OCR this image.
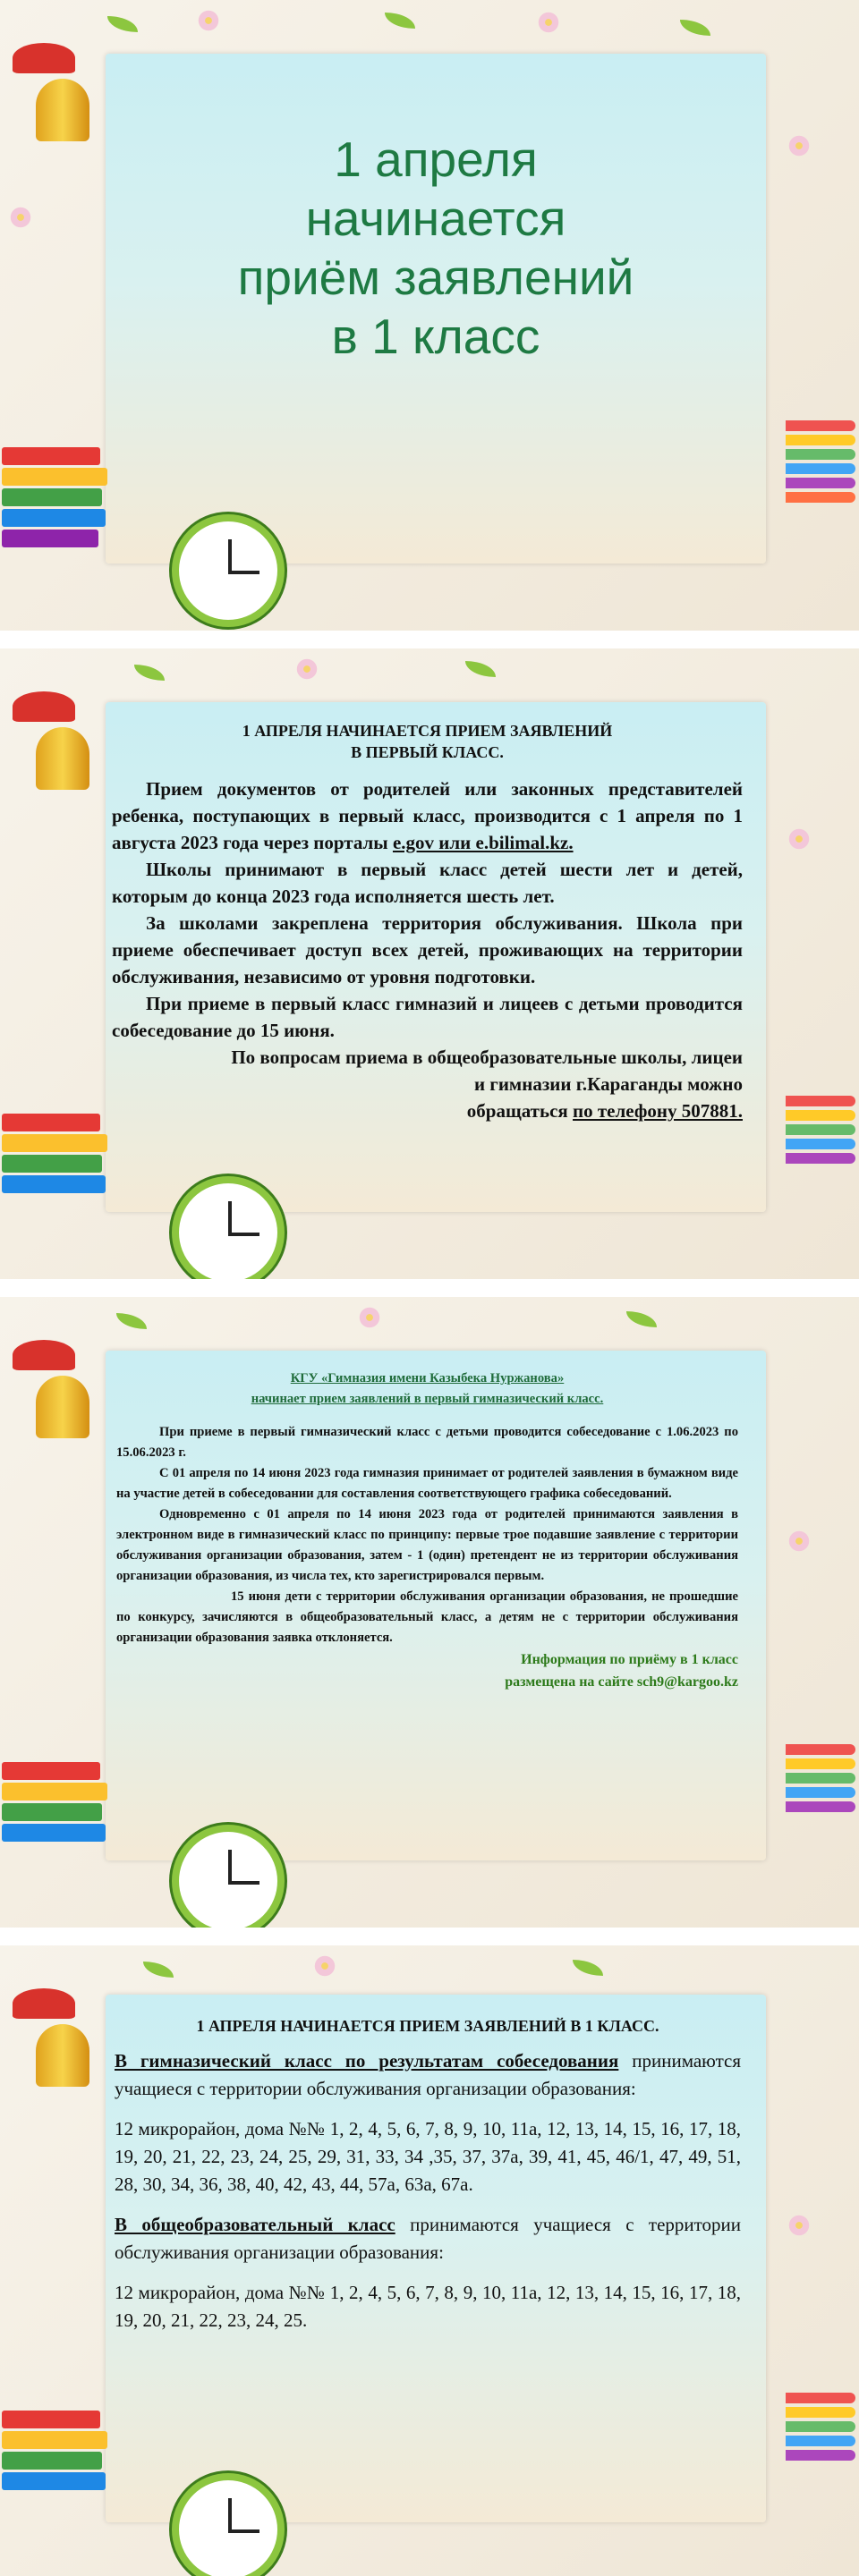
1 апреля
начинается
приём заявлений
в 1 класс
1 АПРЕЛЯ НАЧИНАЕТСЯ ПРИЕМ ЗАЯВЛЕНИЙ
В ПЕРВЫЙ КЛАСС.

Прием документов от родителей или законных представителей ребенка, поступающих в первый класс, производится с 1 апреля по 1 августа 2023 года через порталы e.gov или e.bilimal.kz.

Школы принимают в первый класс детей шести лет и детей, которым до конца 2023 года исполняется шесть лет.

За школами закреплена территория обслуживания. Школа при приеме обеспечивает доступ всех детей, проживающих на территории обслуживания, независимо от уровня подготовки.

При приеме в первый класс гимназий и лицеев с детьми проводится собеседование до 15 июня.

По вопросам приема в общеобразовательные школы, лицеи

и гимназии г.Караганды можно

обращаться по телефону 507881.

КГУ «Гимназия имени Казыбека Нуржанова»
начинает прием заявлений в первый гимназический класс.

При приеме в первый гимназический класс с детьми проводится собеседование с 1.06.2023 по 15.06.2023 г.

С 01 апреля по 14 июня 2023 года гимназия принимает от родителей заявления в бумажном виде на участие детей в собеседовании для составления соответствующего графика собеседований.

Одновременно с 01 апреля по 14 июня 2023 года от родителей принимаются заявления в электронном виде в гимназический класс по принципу: первые трое подавшие заявление с территории обслуживания организации образования, затем - 1 (один) претендент не из территории обслуживания организации образования, из числа тех, кто зарегистрировался первым.

15 июня дети с территории обслуживания организации образования, не прошедшие по конкурсу, зачисляются в общеобразовательный класс, а детям не с территории обслуживания организации образования заявка отклоняется.

Информация по приёму в 1 класс

размещена на сайте sch9@kargoo.kz

1 АПРЕЛЯ НАЧИНАЕТСЯ ПРИЕМ ЗАЯВЛЕНИЙ В 1 КЛАСС.

В гимназический класс по результатам собеседования принимаются учащиеся с территории обслуживания организации образования:

12 микрорайон, дома №№ 1, 2, 4, 5, 6, 7, 8, 9, 10, 11а, 12, 13, 14, 15, 16, 17, 18, 19, 20, 21, 22, 23, 24, 25, 29, 31, 33, 34 ,35, 37, 37а, 39, 41, 45, 46/1, 47, 49, 51, 28, 30, 34, 36, 38, 40, 42, 43, 44, 57а, 63а, 67а.

В общеобразовательный класс принимаются учащиеся с территории обслуживания организации образования:

12 микрорайон, дома №№ 1, 2, 4, 5, 6, 7, 8, 9, 10, 11а, 12, 13, 14, 15, 16, 17, 18, 19, 20, 21, 22, 23, 24, 25.
